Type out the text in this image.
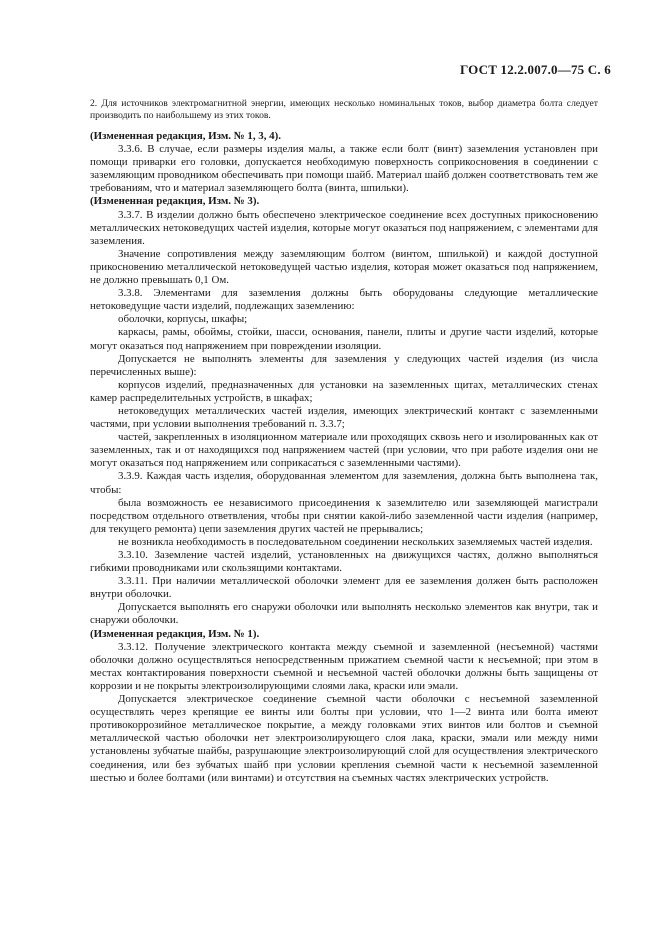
ГОСТ 12.2.007.0—75 С. 6

2. Для источников электромагнитной энергии, имеющих несколько номинальных токов, выбор диаметра болта следует производить по наибольшему из этих токов.

(Измененная редакция, Изм. № 1, 3, 4).

3.3.6. В случае, если размеры изделия малы, а также если болт (винт) заземления установлен при помощи приварки его головки, допускается необходимую поверхность соприкосновения в соединении с заземляющим проводником обеспечивать при помощи шайб. Материал шайб должен соответствовать тем же требованиям, что и материал заземляющего болта (винта, шпильки).

(Измененная редакция, Изм. № 3).

3.3.7. В изделии должно быть обеспечено электрическое соединение всех доступных прикосновению металлических нетоковедущих частей изделия, которые могут оказаться под напряжением, с элементами для заземления.

Значение сопротивления между заземляющим болтом (винтом, шпилькой) и каждой доступной прикосновению металлической нетоковедущей частью изделия, которая может оказаться под напряжением, не должно превышать 0,1 Ом.

3.3.8. Элементами для заземления должны быть оборудованы следующие металлические нетоковедущие части изделий, подлежащих заземлению:

оболочки, корпусы, шкафы;

каркасы, рамы, обоймы, стойки, шасси, основания, панели, плиты и другие части изделий, которые могут оказаться под напряжением при повреждении изоляции.

Допускается не выполнять элементы для заземления у следующих частей изделия (из числа перечисленных выше):

корпусов изделий, предназначенных для установки на заземленных щитах, металлических стенах камер распределительных устройств, в шкафах;

нетоковедущих металлических частей изделия, имеющих электрический контакт с заземленными частями, при условии выполнения требований п. 3.3.7;

частей, закрепленных в изоляционном материале или проходящих сквозь него и изолированных как от заземленных, так и от находящихся под напряжением частей (при условии, что при работе изделия они не могут оказаться под напряжением или соприкасаться с заземленными частями).

3.3.9. Каждая часть изделия, оборудованная элементом для заземления, должна быть выполнена так, чтобы:

была возможность ее независимого присоединения к заземлителю или заземляющей магистрали посредством отдельного ответвления, чтобы при снятии какой-либо заземленной части изделия (например, для текущего ремонта) цепи заземления других частей не прерывались;

не возникла необходимость в последовательном соединении нескольких заземляемых частей изделия.

3.3.10. Заземление частей изделий, установленных на движущихся частях, должно выполняться гибкими проводниками или скользящими контактами.

3.3.11. При наличии металлической оболочки элемент для ее заземления должен быть расположен внутри оболочки.

Допускается выполнять его снаружи оболочки или выполнять несколько элементов как внутри, так и снаружи оболочки.

(Измененная редакция, Изм. № 1).

3.3.12. Получение электрического контакта между съемной и заземленной (несъемной) частями оболочки должно осуществляться непосредственным прижатием съемной части к несъемной; при этом в местах контактирования поверхности съемной и несъемной частей оболочки должны быть защищены от коррозии и не покрыты электроизолирующими слоями лака, краски или эмали.

Допускается электрическое соединение съемной части оболочки с несъемной заземленной осуществлять через крепящие ее винты или болты при условии, что 1—2 винта или болта имеют противокоррозийное металлическое покрытие, а между головками этих винтов или болтов и съемной металлической частью оболочки нет электроизолирующего слоя лака, краски, эмали или между ними установлены зубчатые шайбы, разрушающие электроизолирующий слой для осуществления электрического соединения, или без зубчатых шайб при условии крепления съемной части к несъемной заземленной шестью и более болтами (или винтами) и отсутствия на съемных частях электрических устройств.
